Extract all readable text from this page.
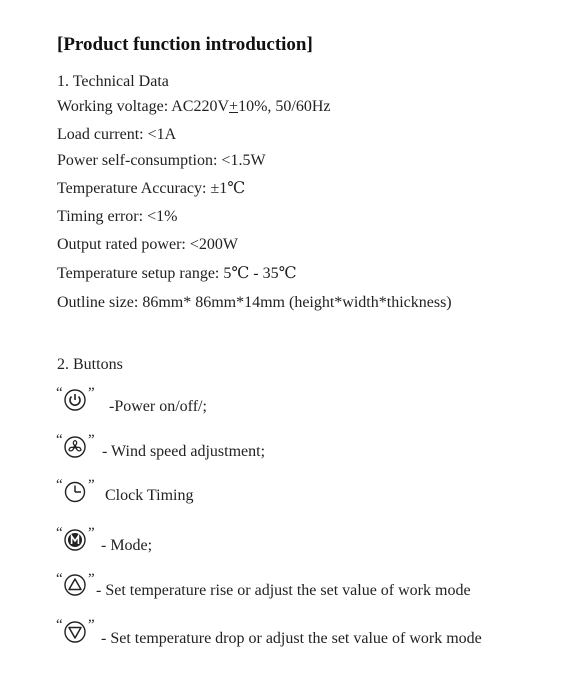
[Product function introduction]
1. Technical Data
Working voltage: AC220V+10%, 50/60Hz
Load current: <1A
Power self-consumption: <1.5W
Temperature Accuracy: ±1℃
Timing error: <1%
Output rated power: <200W
Temperature setup range: 5℃ - 35℃
Outline size: 86mm* 86mm*14mm (height*width*thickness)
2. Buttons
“ ”
-Power on/off/;
“ ”
- Wind speed adjustment;
“ ”
Clock Timing
“ ”
- Mode;
“ ”
- Set temperature rise or adjust the set value of work mode
“ ”
- Set temperature drop or adjust the set value of work mode
